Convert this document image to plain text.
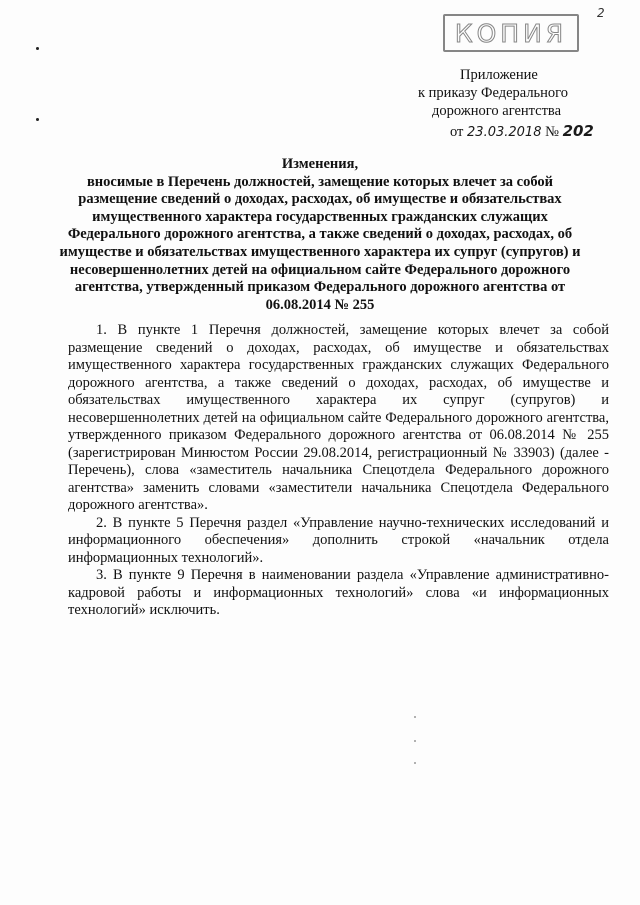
КОПИЯ
2
Приложение
к приказу Федерального
дорожного агентства
от 23.03.2018 № 202
Изменения,
вносимые в Перечень должностей, замещение которых влечет за собой размещение сведений о доходах, расходах, об имуществе и обязательствах имущественного характера государственных гражданских служащих Федерального дорожного агентства, а также сведений о доходах, расходах, об имуществе и обязательствах имущественного характера их супруг (супругов) и несовершеннолетних детей на официальном сайте Федерального дорожного агентства, утвержденный приказом Федерального дорожного агентства от 06.08.2014 № 255

1. В пункте 1 Перечня должностей, замещение которых влечет за собой размещение сведений о доходах, расходах, об имуществе и обязательствах имущественного характера государственных гражданских служащих Федерального дорожного агентства, а также сведений о доходах, расходах, об имуществе и обязательствах имущественного характера их супруг (супругов) и несовершеннолетних детей на официальном сайте Федерального дорожного агентства, утвержденного приказом Федерального дорожного агентства от 06.08.2014 № 255 (зарегистрирован Минюстом России 29.08.2014, регистрационный № 33903) (далее - Перечень), слова «заместитель начальника Спецотдела Федерального дорожного агентства» заменить словами «заместители начальника Спецотдела Федерального дорожного агентства».

2. В пункте 5 Перечня раздел «Управление научно-технических исследований и информационного обеспечения» дополнить строкой «начальник отдела информационных технологий».

3. В пункте 9 Перечня в наименовании раздела «Управление административно-кадровой работы и информационных технологий» слова «и информационных технологий» исключить.
